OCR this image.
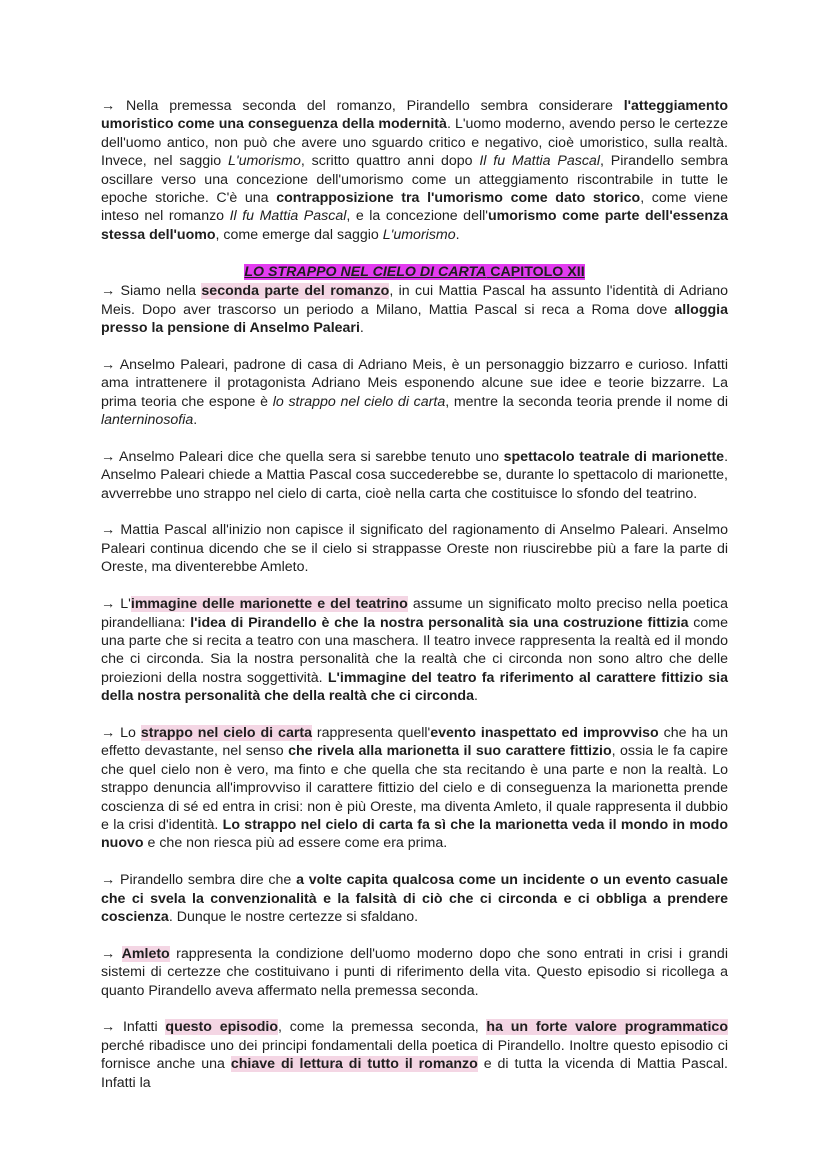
→ Nella premessa seconda del romanzo, Pirandello sembra considerare l'atteggiamento umoristico come una conseguenza della modernità. L'uomo moderno, avendo perso le certezze dell'uomo antico, non può che avere uno sguardo critico e negativo, cioè umoristico, sulla realtà. Invece, nel saggio L'umorismo, scritto quattro anni dopo Il fu Mattia Pascal, Pirandello sembra oscillare verso una concezione dell'umorismo come un atteggiamento riscontrabile in tutte le epoche storiche. C'è una contrapposizione tra l'umorismo come dato storico, come viene inteso nel romanzo Il fu Mattia Pascal, e la concezione dell'umorismo come parte dell'essenza stessa dell'uomo, come emerge dal saggio L'umorismo.

LO STRAPPO NEL CIELO DI CARTA CAPITOLO XII

→ Siamo nella seconda parte del romanzo, in cui Mattia Pascal ha assunto l'identità di Adriano Meis. Dopo aver trascorso un periodo a Milano, Mattia Pascal si reca a Roma dove alloggia presso la pensione di Anselmo Paleari.

→ Anselmo Paleari, padrone di casa di Adriano Meis, è un personaggio bizzarro e curioso. Infatti ama intrattenere il protagonista Adriano Meis esponendo alcune sue idee e teorie bizzarre. La prima teoria che espone è lo strappo nel cielo di carta, mentre la seconda teoria prende il nome di lanterninosofia.

→ Anselmo Paleari dice che quella sera si sarebbe tenuto uno spettacolo teatrale di marionette. Anselmo Paleari chiede a Mattia Pascal cosa succederebbe se, durante lo spettacolo di marionette, avverrebbe uno strappo nel cielo di carta, cioè nella carta che costituisce lo sfondo del teatrino.

→ Mattia Pascal all'inizio non capisce il significato del ragionamento di Anselmo Paleari. Anselmo Paleari continua dicendo che se il cielo si strappasse Oreste non riuscirebbe più a fare la parte di Oreste, ma diventerebbe Amleto.

→ L'immagine delle marionette e del teatrino assume un significato molto preciso nella poetica pirandelliana: l'idea di Pirandello è che la nostra personalità sia una costruzione fittizia come una parte che si recita a teatro con una maschera. Il teatro invece rappresenta la realtà ed il mondo che ci circonda. Sia la nostra personalità che la realtà che ci circonda non sono altro che delle proiezioni della nostra soggettività. L'immagine del teatro fa riferimento al carattere fittizio sia della nostra personalità che della realtà che ci circonda.

→ Lo strappo nel cielo di carta rappresenta quell'evento inaspettato ed improvviso che ha un effetto devastante, nel senso che rivela alla marionetta il suo carattere fittizio, ossia le fa capire che quel cielo non è vero, ma finto e che quella che sta recitando è una parte e non la realtà. Lo strappo denuncia all'improvviso il carattere fittizio del cielo e di conseguenza la marionetta prende coscienza di sé ed entra in crisi: non è più Oreste, ma diventa Amleto, il quale rappresenta il dubbio e la crisi d'identità. Lo strappo nel cielo di carta fa sì che la marionetta veda il mondo in modo nuovo e che non riesca più ad essere come era prima.

→ Pirandello sembra dire che a volte capita qualcosa come un incidente o un evento casuale che ci svela la convenzionalità e la falsità di ciò che ci circonda e ci obbliga a prendere coscienza. Dunque le nostre certezze si sfaldano.

→ Amleto rappresenta la condizione dell'uomo moderno dopo che sono entrati in crisi i grandi sistemi di certezze che costituivano i punti di riferimento della vita. Questo episodio si ricollega a quanto Pirandello aveva affermato nella premessa seconda.

→ Infatti questo episodio, come la premessa seconda, ha un forte valore programmatico perché ribadisce uno dei principi fondamentali della poetica di Pirandello. Inoltre questo episodio ci fornisce anche una chiave di lettura di tutto il romanzo e di tutta la vicenda di Mattia Pascal. Infatti la
